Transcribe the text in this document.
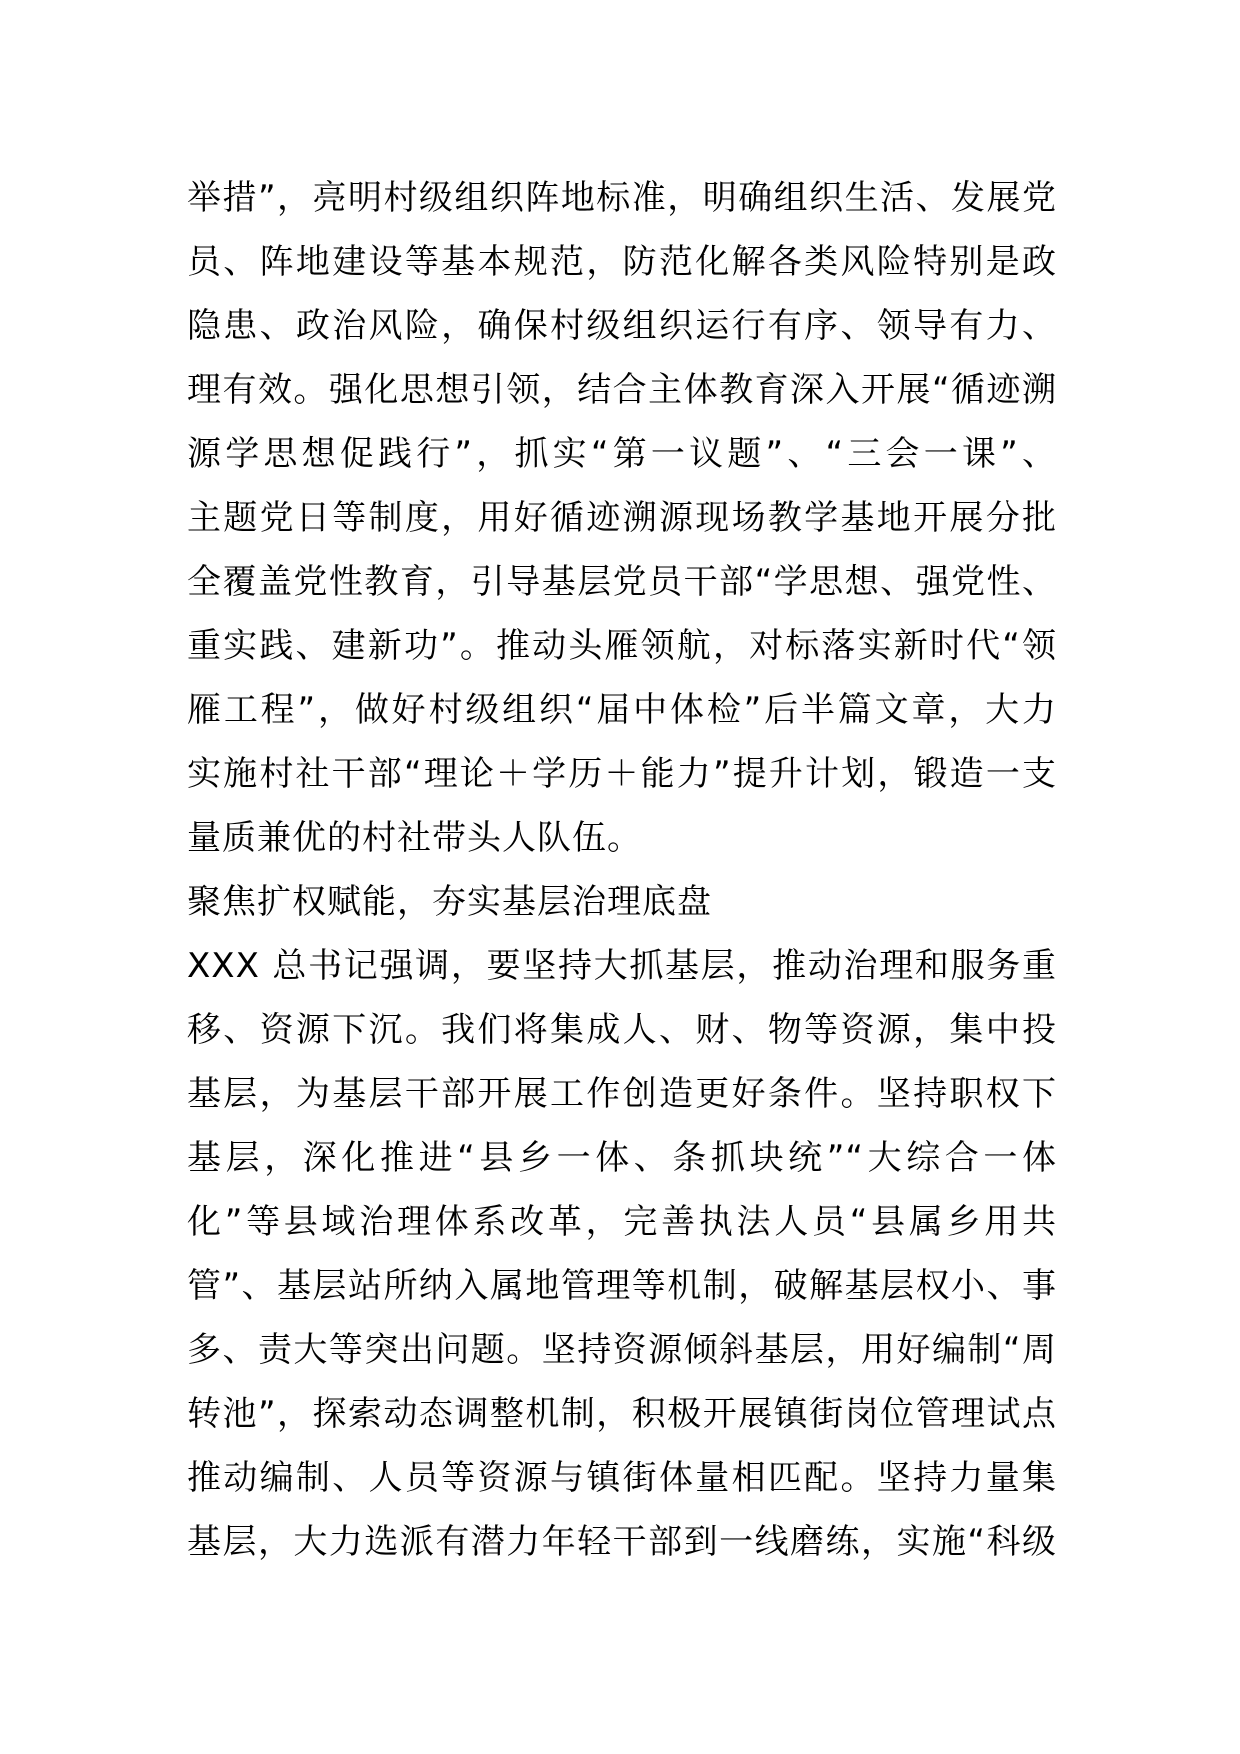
举措”，亮明村级组织阵地标准，明确组织生活、发展党
员、阵地建设等基本规范，防范化解各类风险特别是政
隐患、政治风险，确保村级组织运行有序、领导有力、
理有效。强化思想引领，结合主体教育深入开展“循迹溯
源学思想促践行”，抓实“第一议题”、“三会一课”、
主题党日等制度，用好循迹溯源现场教学基地开展分批
全覆盖党性教育，引导基层党员干部“学思想、强党性、
重实践、建新功”。推动头雁领航，对标落实新时代“领
雁工程”，做好村级组织“届中体检”后半篇文章，大力
实施村社干部“理论＋学历＋能力”提升计划，锻造一支
量质兼优的村社带头人队伍。
聚焦扩权赋能，夯实基层治理底盘
XXX 总书记强调，要坚持大抓基层，推动治理和服务重
移、资源下沉。我们将集成人、财、物等资源，集中投
基层，为基层干部开展工作创造更好条件。坚持职权下
基层，深化推进“县乡一体、条抓块统”“大综合一体
化”等县域治理体系改革，完善执法人员“县属乡用共
管”、基层站所纳入属地管理等机制，破解基层权小、事
多、责大等突出问题。坚持资源倾斜基层，用好编制“周
转池”，探索动态调整机制，积极开展镇街岗位管理试点
推动编制、人员等资源与镇街体量相匹配。坚持力量集
基层，大力选派有潜力年轻干部到一线磨练，实施“科级
